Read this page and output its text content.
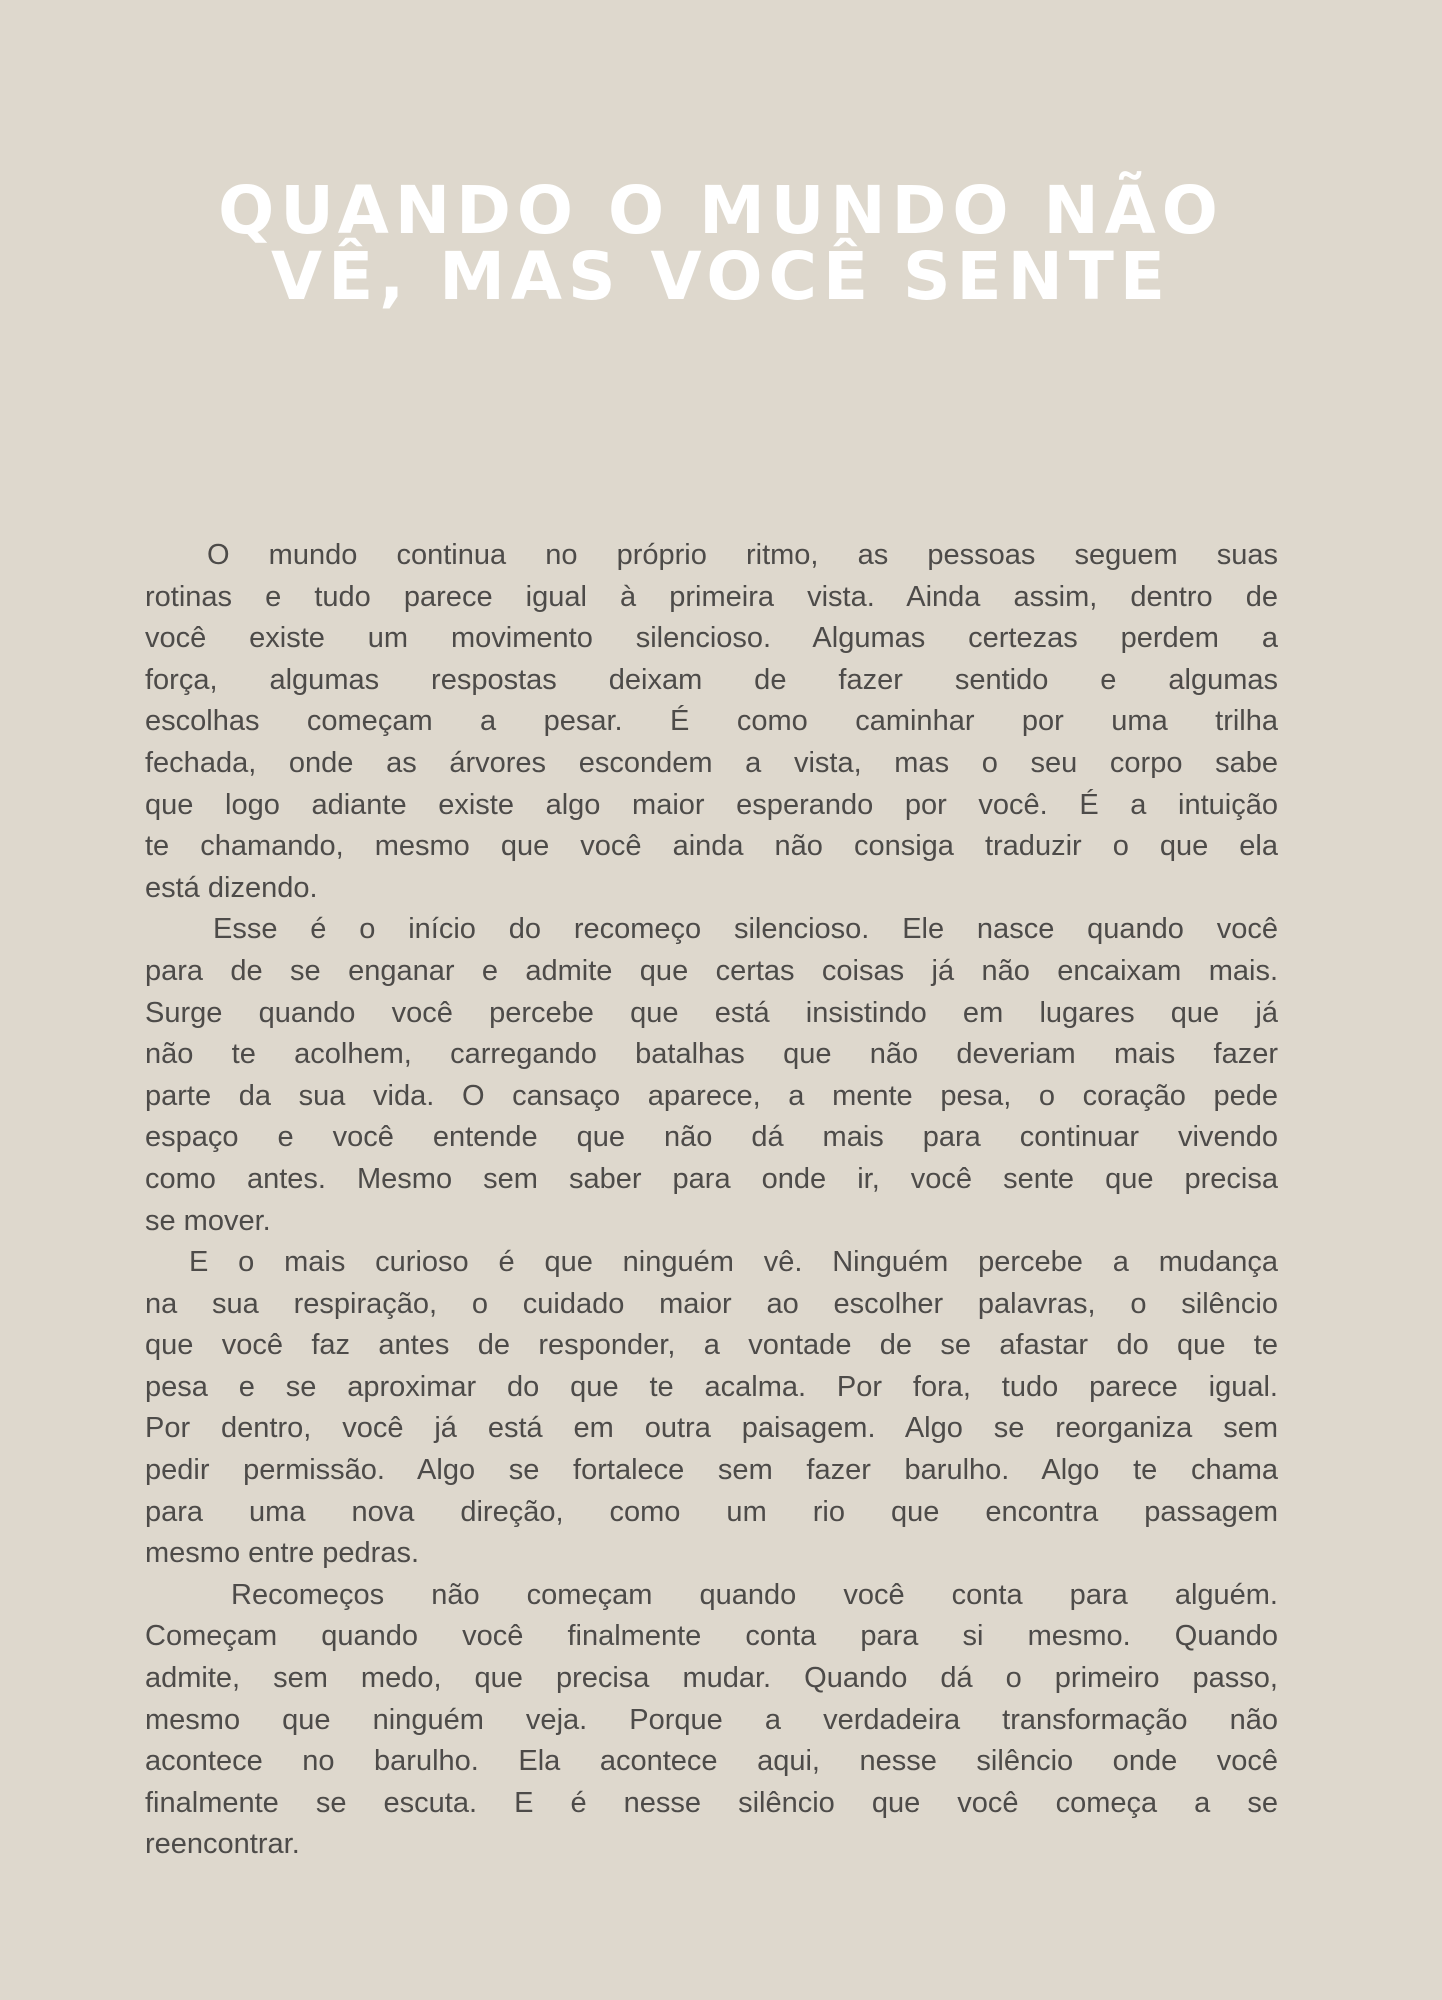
QUANDO O MUNDO NÃO
VÊ, MAS VOCÊ SENTE
O mundo continua no próprio ritmo, as pessoas seguem suas
rotinas e tudo parece igual à primeira vista. Ainda assim, dentro de
você existe um movimento silencioso. Algumas certezas perdem a
força, algumas respostas deixam de fazer sentido e algumas
escolhas começam a pesar. É como caminhar por uma trilha
fechada, onde as árvores escondem a vista, mas o seu corpo sabe
que logo adiante existe algo maior esperando por você. É a intuição
te chamando, mesmo que você ainda não consiga traduzir o que ela
está dizendo.
Esse é o início do recomeço silencioso. Ele nasce quando você
para de se enganar e admite que certas coisas já não encaixam mais.
Surge quando você percebe que está insistindo em lugares que já
não te acolhem, carregando batalhas que não deveriam mais fazer
parte da sua vida. O cansaço aparece, a mente pesa, o coração pede
espaço e você entende que não dá mais para continuar vivendo
como antes. Mesmo sem saber para onde ir, você sente que precisa
se mover.
E o mais curioso é que ninguém vê. Ninguém percebe a mudança
na sua respiração, o cuidado maior ao escolher palavras, o silêncio
que você faz antes de responder, a vontade de se afastar do que te
pesa e se aproximar do que te acalma. Por fora, tudo parece igual.
Por dentro, você já está em outra paisagem. Algo se reorganiza sem
pedir permissão. Algo se fortalece sem fazer barulho. Algo te chama
para uma nova direção, como um rio que encontra passagem
mesmo entre pedras.
Recomeços não começam quando você conta para alguém.
Começam quando você finalmente conta para si mesmo. Quando
admite, sem medo, que precisa mudar. Quando dá o primeiro passo,
mesmo que ninguém veja. Porque a verdadeira transformação não
acontece no barulho. Ela acontece aqui, nesse silêncio onde você
finalmente se escuta. E é nesse silêncio que você começa a se
reencontrar.
